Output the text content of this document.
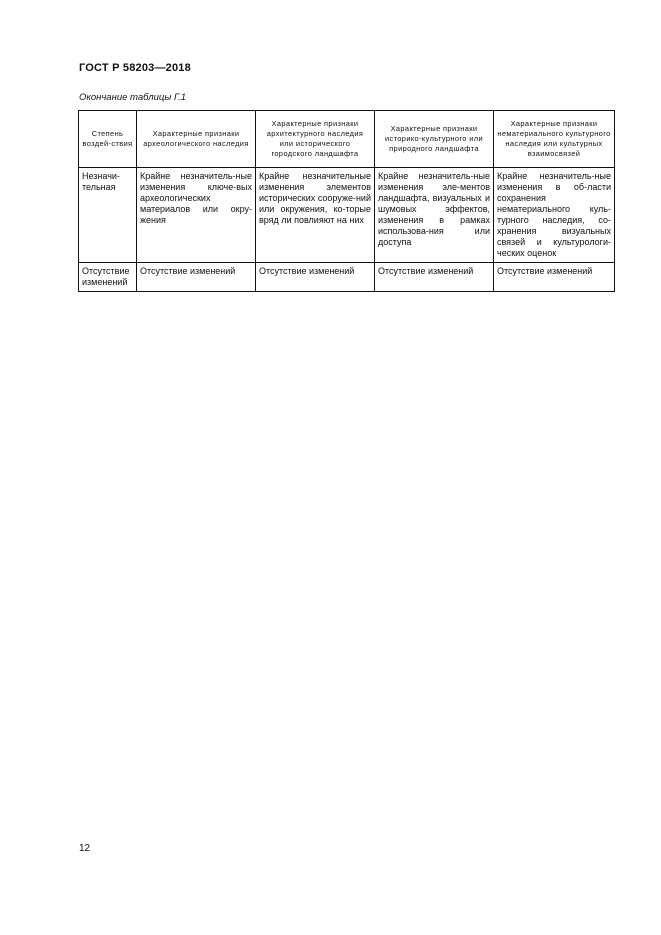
ГОСТ Р 58203—2018
Окончание таблицы Г.1
Степень воздей-ствия	Характерные признаки археологического наследия	Характерные признаки архитектурного наследия или исторического городского ландшафта	Характерные признаки историко-культурного или природного ландшафта	Характерные признаки нематериального культурного наследия или культурных взаимосвязей
Незначи-тельная	Крайне незначитель-ные изменения ключе-вых археологических материалов или окру-жения	Крайне незначительные изменения элементов исторических сооруже-ний или окружения, ко-торые вряд ли повлияют на них	Крайне незначитель-ные изменения эле-ментов ландшафта, визуальных и шумовых эффектов, изменения в рамках использова-ния или доступа	Крайне незначитель-ные изменения в об-ласти сохранения нематериального куль-турного наследия, со-хранения визуальных связей и культурологи-ческих оценок
Отсутствие изменений	Отсутствие изменений	Отсутствие изменений	Отсутствие изменений	Отсутствие изменений
12
